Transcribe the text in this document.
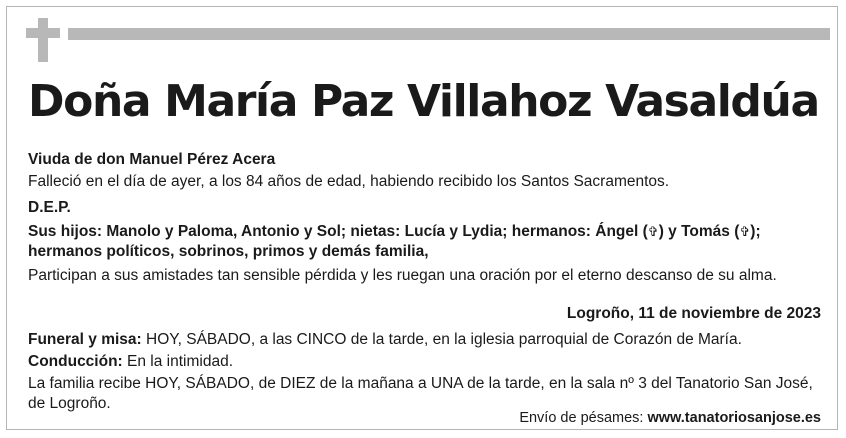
Doña María Paz Villahoz Vasaldúa
Viuda de don Manuel Pérez Acera
Falleció en el día de ayer, a los 84 años de edad, habiendo recibido los Santos Sacramentos.
D.E.P.
Sus hijos: Manolo y Paloma, Antonio y Sol; nietas: Lucía y Lydia; hermanos: Ángel (✞) y Tomás (✞);
hermanos políticos, sobrinos, primos y demás familia,
Participan a sus amistades tan sensible pérdida y les ruegan una oración por el eterno descanso de su alma.
Logroño, 11 de noviembre de 2023
Funeral y misa: HOY, SÁBADO, a las CINCO de la tarde, en la iglesia parroquial de Corazón de María.
Conducción: En la intimidad.
La familia recibe HOY, SÁBADO, de DIEZ de la mañana a UNA de la tarde, en la sala nº 3 del Tanatorio San José,
de Logroño.
Envío de pésames: www.tanatoriosanjose.es
